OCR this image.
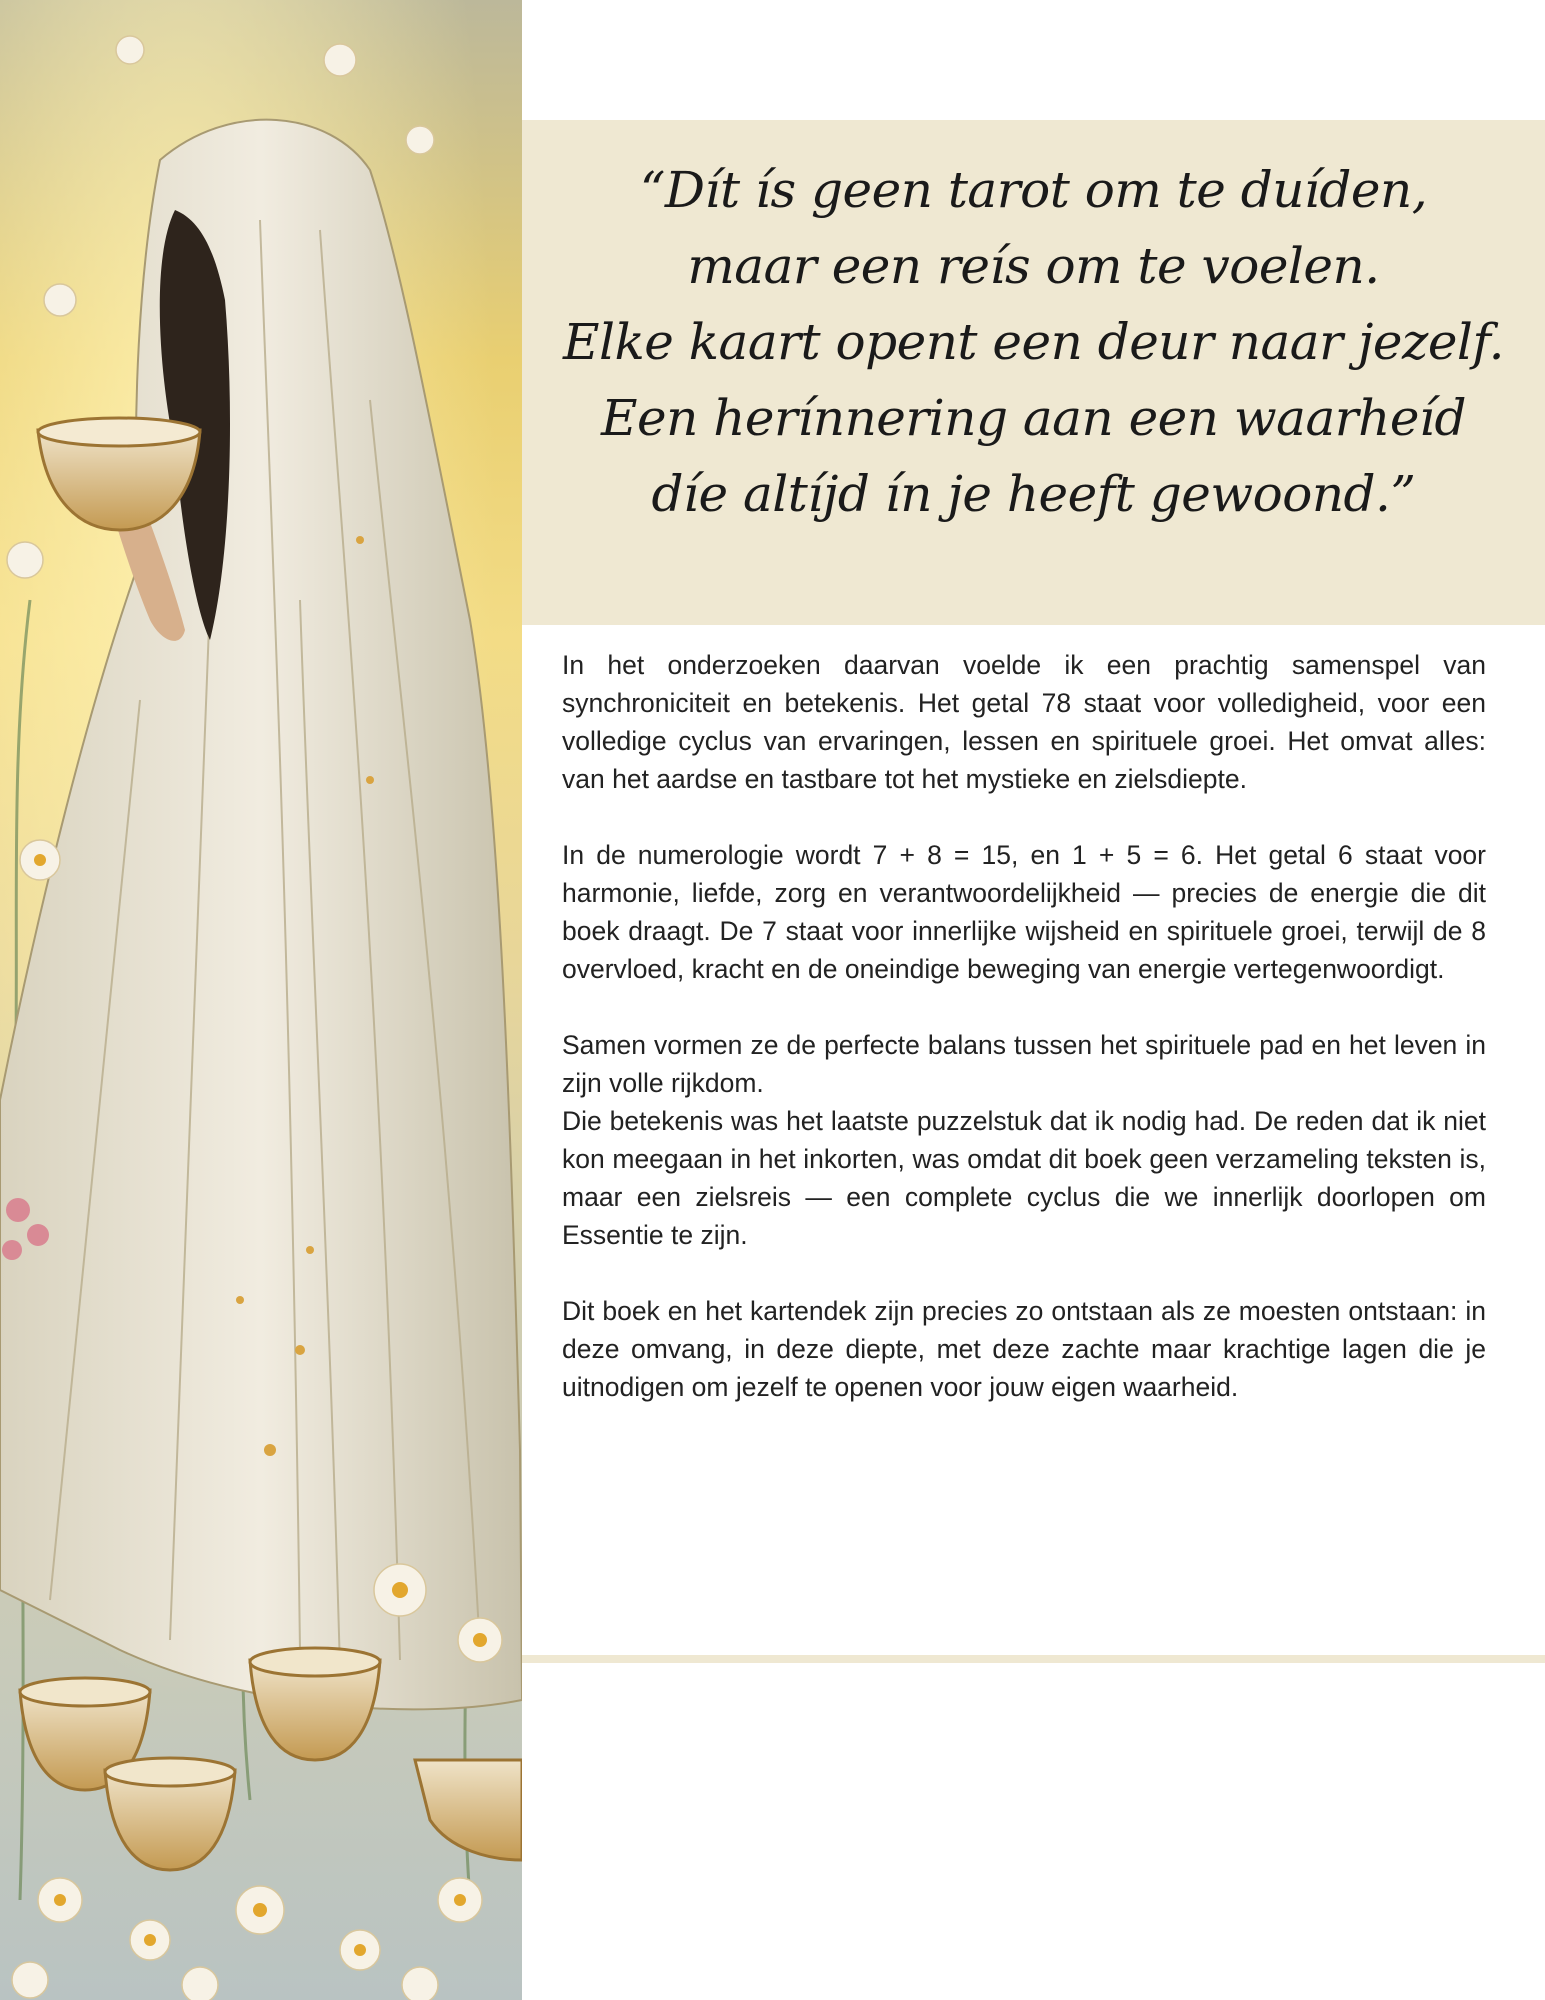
“Dít ís geen tarot om te duíden,
maar een reís om te voelen.
Elke kaart opent een deur naar jezelf.
Een herínnering aan een waarheíd
díe altíjd ín je heeft gewoond.”

In het onderzoeken daarvan voelde ik een prachtig samenspel van synchroniciteit en betekenis. Het getal 78 staat voor volledigheid, voor een volledige cyclus van ervaringen, lessen en spirituele groei. Het omvat alles: van het aardse en tastbare tot het mystieke en zielsdiepte.

In de numerologie wordt 7 + 8 = 15, en 1 + 5 = 6. Het getal 6 staat voor harmonie, liefde, zorg en verantwoordelijkheid — precies de energie die dit boek draagt. De 7 staat voor innerlijke wijsheid en spirituele groei, terwijl de 8 overvloed, kracht en de oneindige beweging van energie vertegenwoordigt.

Samen vormen ze de perfecte balans tussen het spirituele pad en het leven in zijn volle rijkdom.

Die betekenis was het laatste puzzelstuk dat ik nodig had. De reden dat ik niet kon meegaan in het inkorten, was omdat dit boek geen verzameling teksten is, maar een zielsreis — een complete cyclus die we innerlijk doorlopen om Essentie te zijn.

Dit boek en het kartendek zijn precies zo ontstaan als ze moesten ontstaan: in deze omvang, in deze diepte, met deze zachte maar krachtige lagen die je uitnodigen om jezelf te openen voor jouw eigen waarheid.
